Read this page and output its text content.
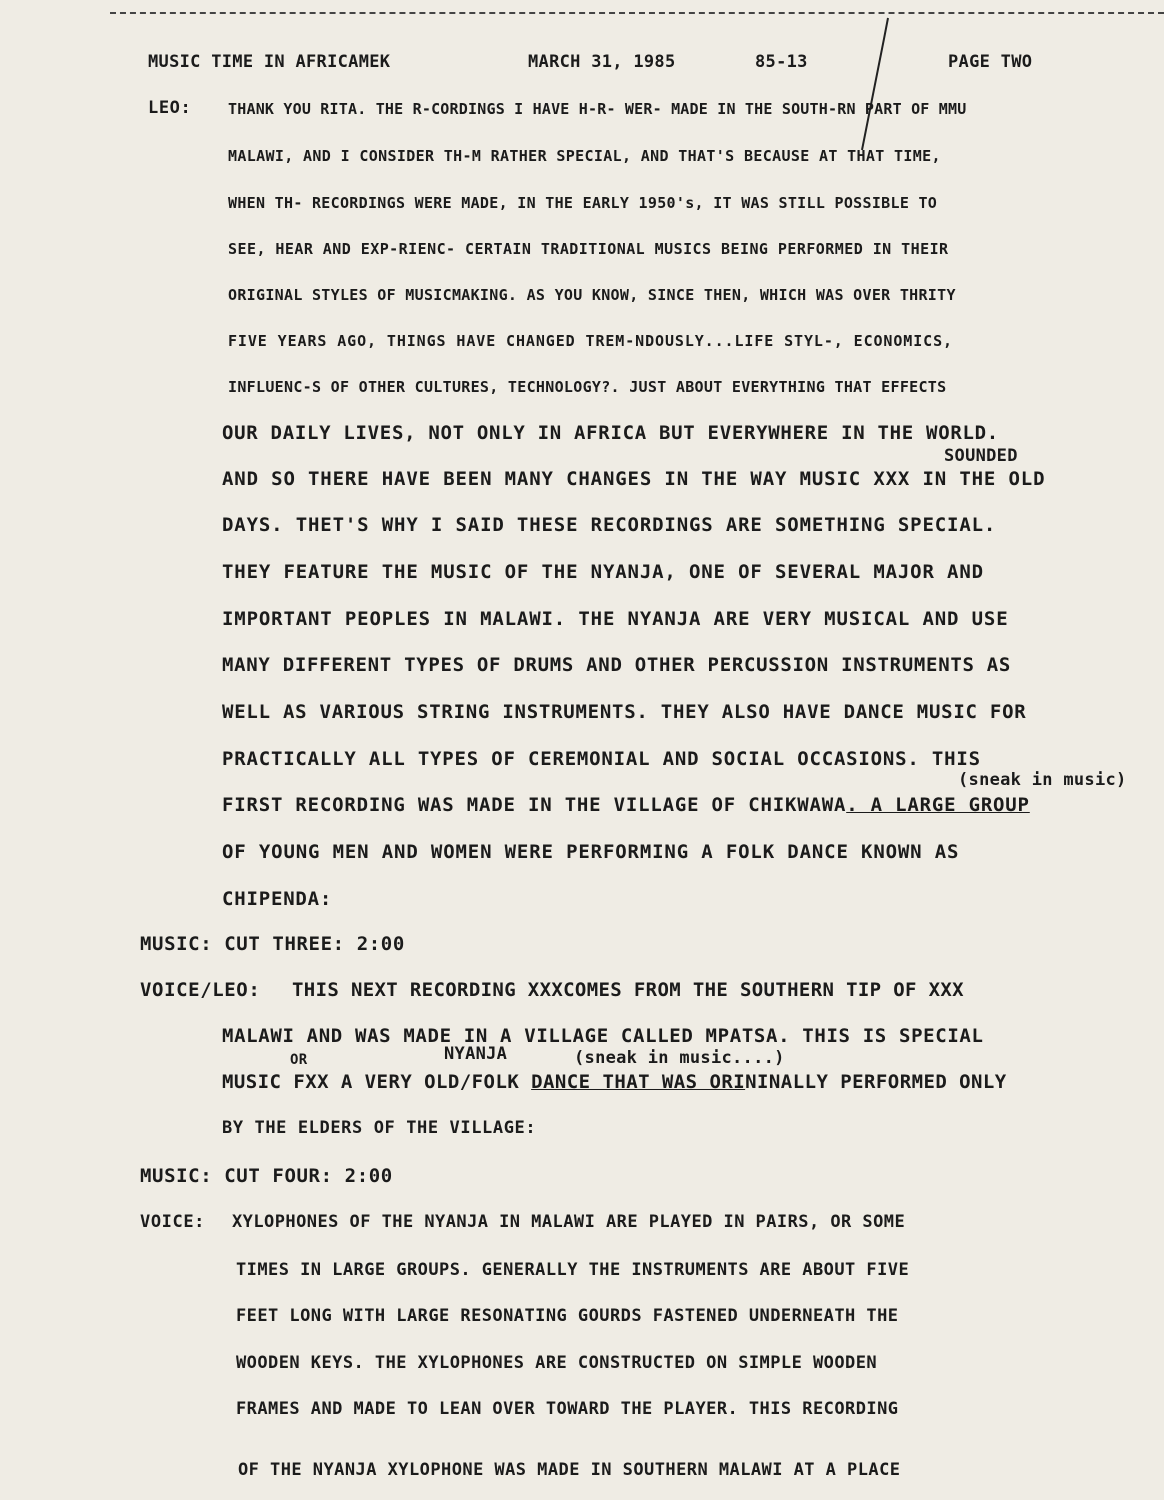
MUSIC TIME IN AFRICAMEK	MARCH 31, 1985	85-13	PAGE TWO
LEO: THANK YOU RITA. THE R-CORDINGS I HAVE H-R- WER- MADE IN THE SOUTH-RN PART OF MMU
MALAWI, AND I CONSIDER TH-M RATHER SPECIAL, AND THAT'S BECAUSE AT THAT TIME,
WHEN TH- RECORDINGS WERE MADE, IN THE EARLY 1950's, IT WAS STILL POSSIBLE TO
SEE, HEAR AND EXP-RIENC- CERTAIN TRADITIONAL MUSICS BEING PERFORMED IN THEIR
ORIGINAL STYLES OF MUSICMAKING. AS YOU KNOW, SINCE THEN, WHICH WAS OVER THRITY
FIVE YEARS AGO, THINGS HAVE CHANGED TREM-NDOUSLY...LIFE STYL-, ECONOMICS,
INFLUENC-S OF OTHER CULTURES, TECHNOLOGY?. JUST ABOUT EVERYTHING THAT EFFECTS
OUR DAILY LIVES, NOT ONLY IN AFRICA BUT EVERYWHERE IN THE WORLD.
SOUNDED
AND SO THERE HAVE BEEN MANY CHANGES IN THE WAY MUSIC XXX IN THE OLD
DAYS. THET'S WHY I SAID THESE RECORDINGS ARE SOMETHING SPECIAL.
THEY FEATURE THE MUSIC OF THE NYANJA, ONE OF SEVERAL MAJOR AND
IMPORTANT PEOPLES IN MALAWI. THE NYANJA ARE VERY MUSICAL AND USE
MANY DIFFERENT TYPES OF DRUMS AND OTHER PERCUSSION INSTRUMENTS AS
WELL AS VARIOUS STRING INSTRUMENTS. THEY ALSO HAVE DANCE MUSIC FOR
PRACTICALLY ALL TYPES OF CEREMONIAL AND SOCIAL OCCASIONS. THIS
(sneak in music)
FIRST RECORDING WAS MADE IN THE VILLAGE OF CHIKWAWA. A LARGE GROUP
OF YOUNG MEN AND WOMEN WERE PERFORMING A FOLK DANCE KNOWN AS
CHIPENDA:
MUSIC: CUT THREE: 2:00
VOICE/LEO: THIS NEXT RECORDING XXXCOMES FROM THE SOUTHERN TIP OF XXX
MALAWI AND WAS MADE IN A VILLAGE CALLED MPATSA. THIS IS SPECIAL
OR	NYANJA	(sneak in music....)
MUSIC FXX A VERY OLD/FOLK DANCE THAT WAS ORININALLY PERFORMED ONLY
BY THE ELDERS OF THE VILLAGE:
MUSIC: CUT FOUR: 2:00
VOICE: XYLOPHONES OF THE NYANJA IN MALAWI ARE PLAYED IN PAIRS, OR SOME
TIMES IN LARGE GROUPS. GENERALLY THE INSTRUMENTS ARE ABOUT FIVE
FEET LONG WITH LARGE RESONATING GOURDS FASTENED UNDERNEATH THE
WOODEN KEYS. THE XYLOPHONES ARE CONSTRUCTED ON SIMPLE WOODEN
FRAMES AND MADE TO LEAN OVER TOWARD THE PLAYER. THIS RECORDING
OF THE NYANJA XYLOPHONE WAS MADE IN SOUTHERN MALAWI AT A PLACE
